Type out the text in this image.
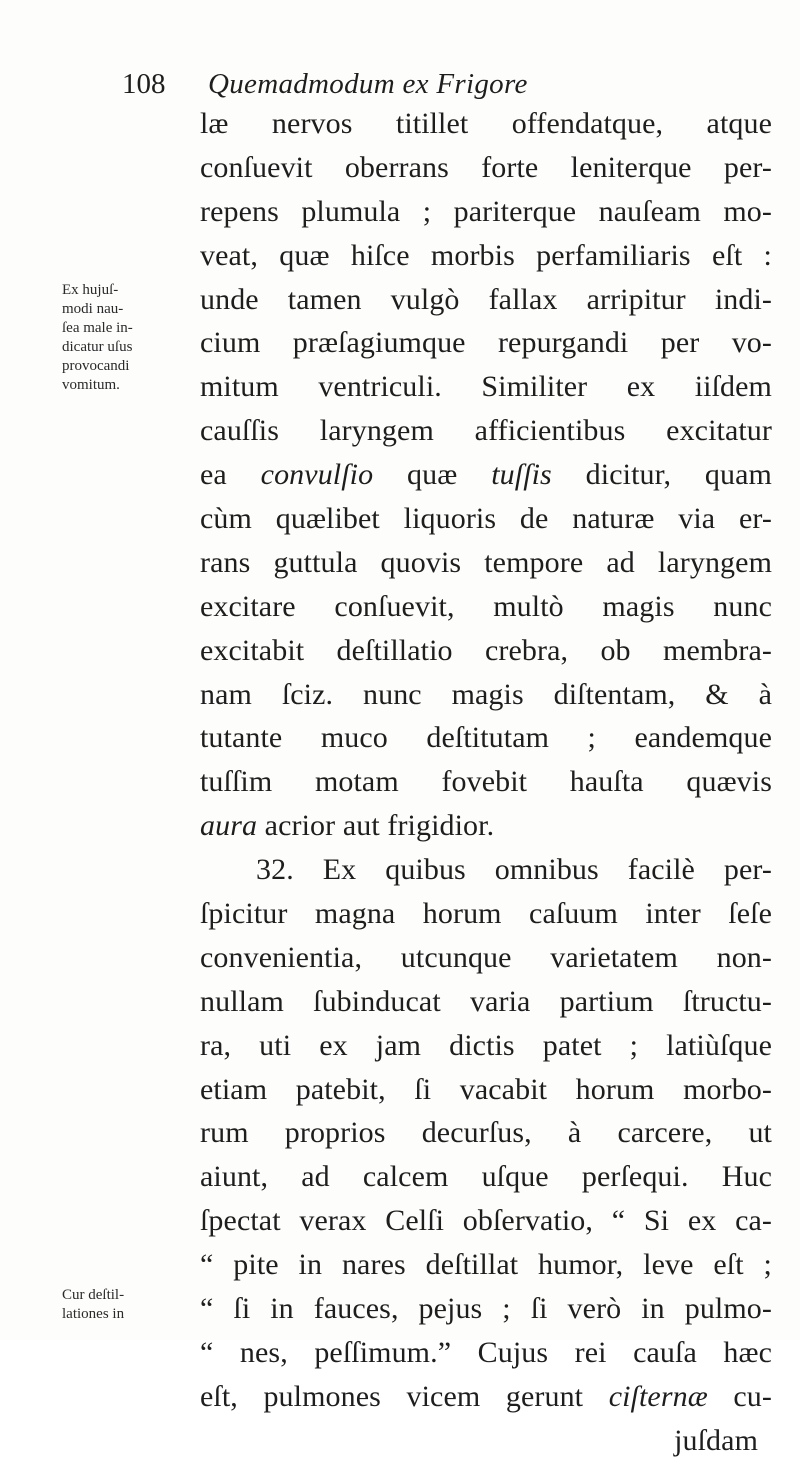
108 Quemadmodum ex Frigore
Ex hujuſ-
modi nau-
ſea male in-
dicatur uſus
provocandi
vomitum.
Cur deſtil-
lationes in
læ nervos titillet offendatque, atque
conſuevit oberrans forte leniterque per-
repens plumula ; pariterque nauſeam mo-
veat, quæ hiſce morbis perfamiliaris eſt :
unde tamen vulgò fallax arripitur indi-
cium præſagiumque repurgandi per vo-
mitum ventriculi. Similiter ex iiſdem
cauſſis laryngem afficientibus excitatur
ea convulſio quæ tuſſis dicitur, quam
cùm quælibet liquoris de naturæ via er-
rans guttula quovis tempore ad laryngem
excitare conſuevit, multò magis nunc
excitabit deſtillatio crebra, ob membra-
nam ſciz. nunc magis diſtentam, & à
tutante muco deſtitutam ; eandemque
tuſſim motam fovebit hauſta quævis
aura acrior aut frigidior.
32. Ex quibus omnibus facilè per-
ſpicitur magna horum caſuum inter ſeſe
convenientia, utcunque varietatem non-
nullam ſubinducat varia partium ſtructu-
ra, uti ex jam dictis patet ; latiùſque
etiam patebit, ſi vacabit horum morbo-
rum proprios decurſus, à carcere, ut
aiunt, ad calcem uſque perſequi. Huc
ſpectat verax Celſi obſervatio, “ Si ex ca-
“ pite in nares deſtillat humor, leve eſt ;
“ ſi in fauces, pejus ; ſi verò in pulmo-
“ nes, peſſimum.” Cujus rei cauſa hæc
eſt, pulmones vicem gerunt ciſternæ cu-
juſdam
